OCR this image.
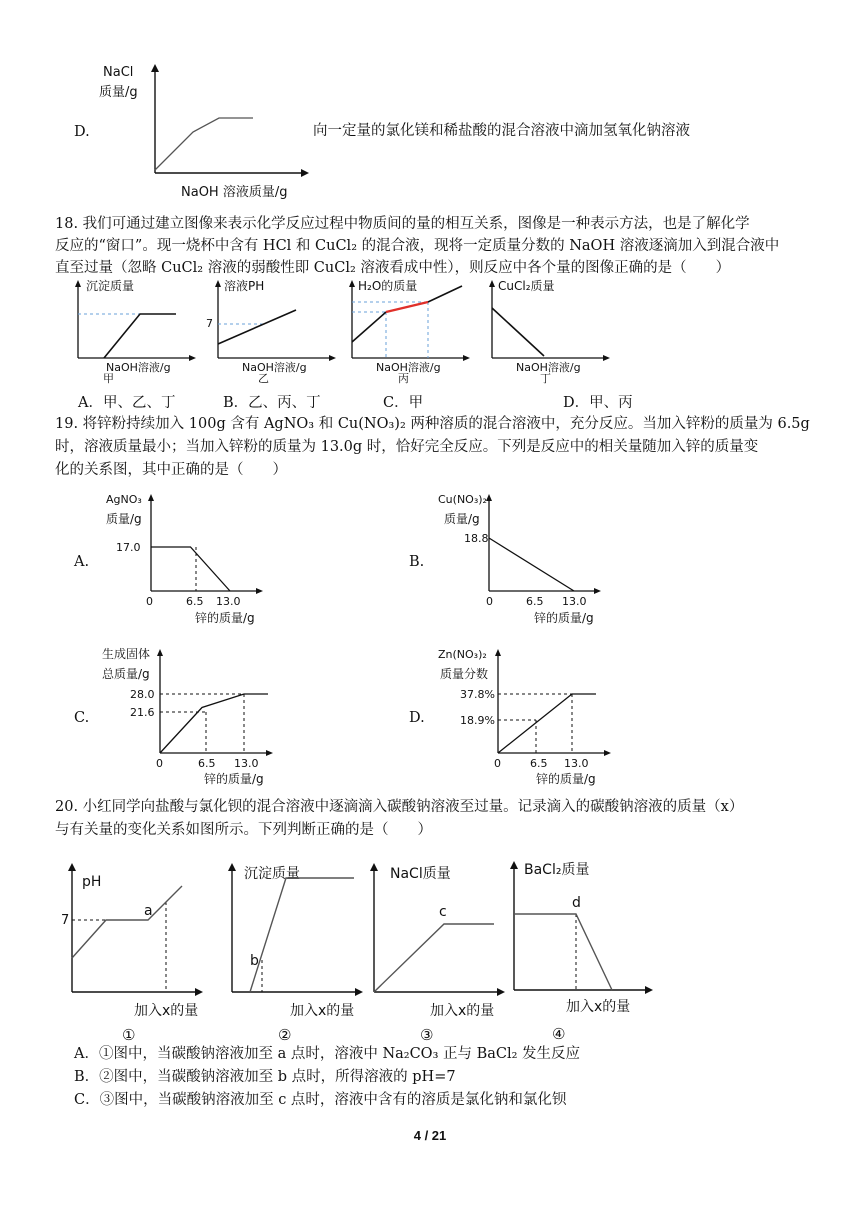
D.
NaCl
质量/g
NaOH 溶液质量/g
向一定量的氯化镁和稀盐酸的混合溶液中滴加氢氧化钠溶液
18. 我们可通过建立图像来表示化学反应过程中物质间的量的相互关系，图像是一种表示方法，也是了解化学
反应的“窗口”。现一烧杯中含有 HCl 和 CuCl₂ 的混合液，现将一定质量分数的 NaOH 溶液逐滴加入到混合液中
直至过量（忽略 CuCl₂ 溶液的弱酸性即 CuCl₂ 溶液看成中性），则反应中各个量的图像正确的是（　　）
沉淀质量
NaOH溶液/g
甲
溶液PH
7
NaOH溶液/g
乙
H₂O的质量
NaOH溶液/g
丙
CuCl₂质量
NaOH溶液/g
丁
A．甲、乙、丁	B．乙、丙、丁	C．甲	D．甲、丙
19. 将锌粉持续加入 100g 含有 AgNO₃ 和 Cu(NO₃)₂ 两种溶质的混合溶液中，充分反应。当加入锌粉的质量为 6.5g
时，溶液质量最小；当加入锌粉的质量为 13.0g 时，恰好完全反应。下列是反应中的相关量随加入锌的质量变
化的关系图，其中正确的是（　　）
A.
AgNO₃
质量/g
17.0
0	6.5 13.0
锌的质量/g
B.
Cu(NO₃)₂
质量/g
18.8
0	6.5 13.0
锌的质量/g
C.
生成固体
总质量/g
28.0
21.6
0	6.5 13.0
锌的质量/g
D.
Zn(NO₃)₂
质量分数
37.8%
18.9%
0	6.5 13.0
锌的质量/g
20. 小红同学向盐酸与氯化钡的混合溶液中逐滴滴入碳酸钠溶液至过量。记录滴入的碳酸钠溶液的质量（x）
与有关量的变化关系如图所示。下列判断正确的是（　　）
pH
7
a
加入x的量
①
沉淀质量
b
加入x的量
②
NaCl质量
c
加入x的量
③
BaCl₂质量
d
加入x的量
④
A．①图中，当碳酸钠溶液加至 a 点时，溶液中 Na₂CO₃ 正与 BaCl₂ 发生反应
B．②图中，当碳酸钠溶液加至 b 点时，所得溶液的 pH=7
C．③图中，当碳酸钠溶液加至 c 点时，溶液中含有的溶质是氯化钠和氯化钡
4 / 21
